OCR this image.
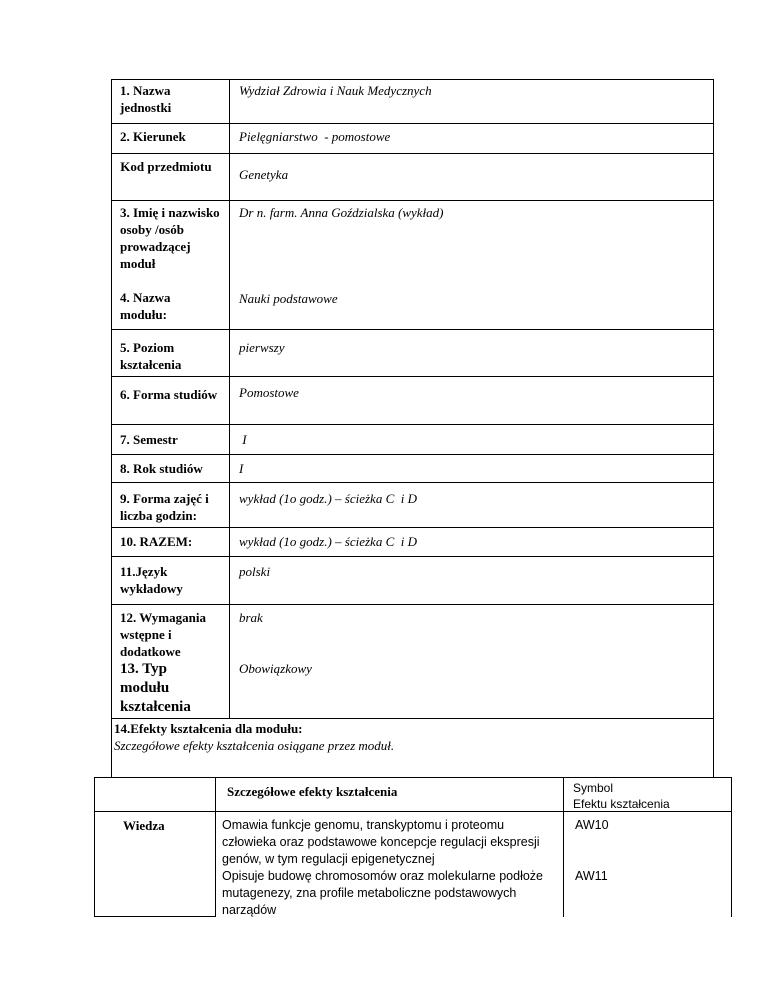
1. Nazwa jednostki
2. Kierunek
Kod przedmiotu
3. Imię i nazwisko osoby /osób prowadzącej moduł
4. Nazwa modułu:
5. Poziom kształcenia
6. Forma studiów
7. Semestr
8. Rok studiów
9. Forma zajęć i liczba godzin:
10. RAZEM:
11.Język wykładowy
12. Wymagania wstępne i dodatkowe
13. Typ modułu kształcenia
Wydział Zdrowia i Nauk Medycznych
Pielęgniarstwo  - pomostowe
Genetyka
Dr n. farm. Anna Goździalska (wykład)
Nauki podstawowe
pierwszy
Pomostowe
I
I
wykład (1o godz.) – ścieżka C  i D
wykład (1o godz.) – ścieżka C  i D
polski
brak
Obowiązkowy
14.Efekty kształcenia dla modułu:
Szczegółowe efekty kształcenia osiągane przez moduł.
Szczegółowe efekty kształcenia	Symbol
Efektu kształcenia
Wiedza	Omawia funkcje genomu, transkyptomu i proteomu
człowieka oraz podstawowe koncepcje regulacji ekspresji
genów, w tym regulacji epigenetycznej
AW10
Opisuje budowę chromosomów oraz molekularne podłoże
mutagenezy, zna profile metaboliczne podstawowych
narządów
AW11
